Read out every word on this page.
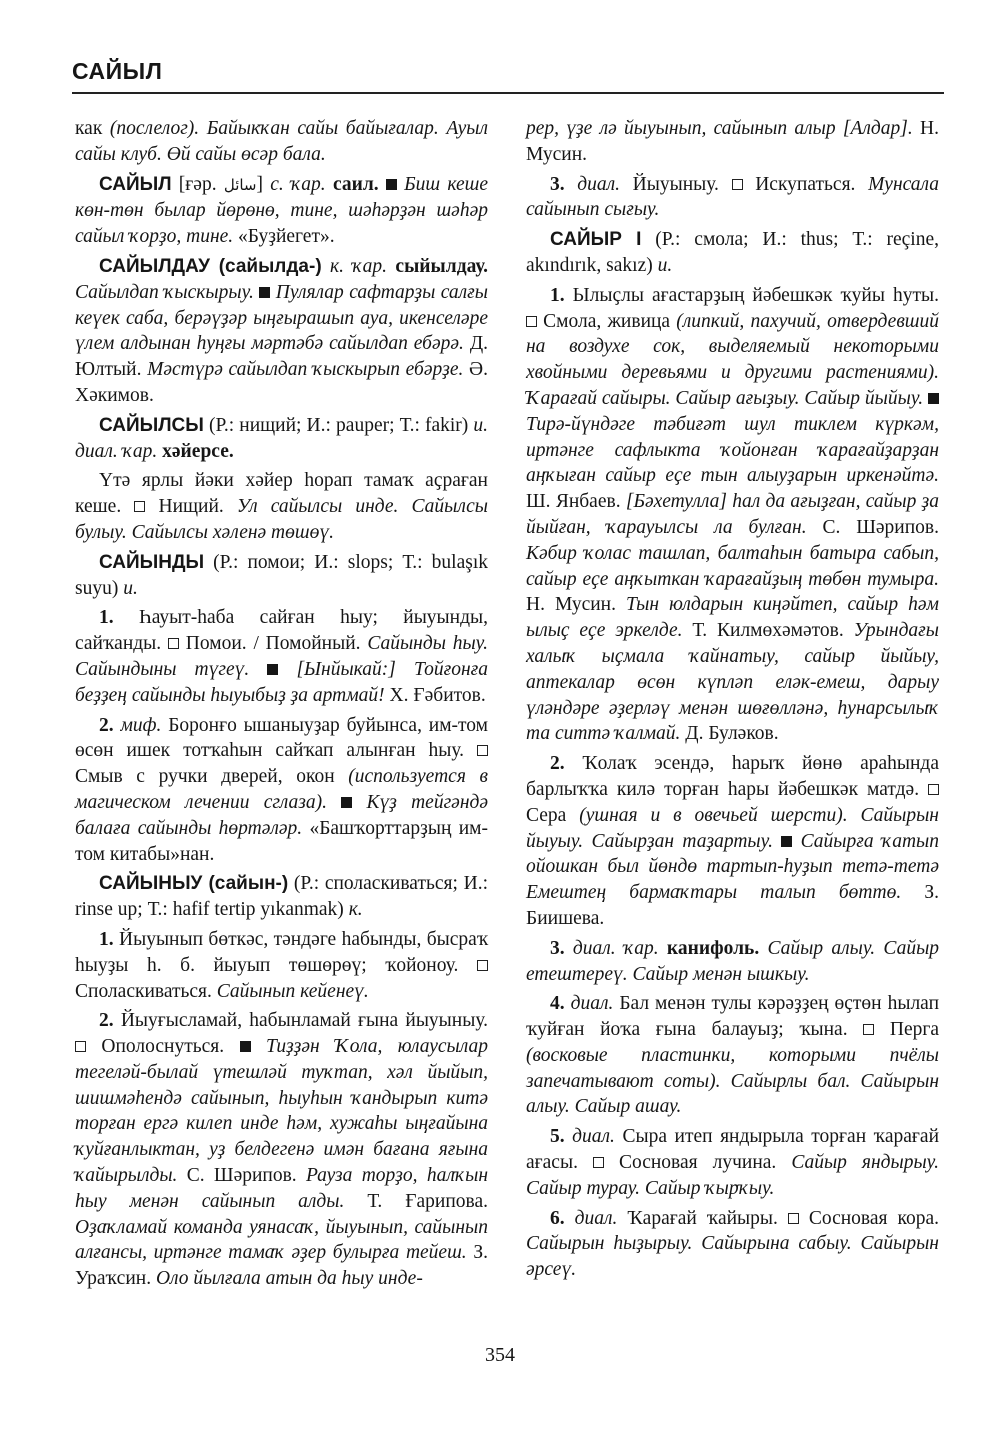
САЙЫЛ

как (послелог). Байыкҡан сайы байығалар. Ауыл сайы клуб. Өй сайы өсәр бала.

САЙЫЛ [ғәр. سائل] с. ҡар. саил. Биш кеше көн-төн былар йөрөнө, тине, шәһәрҙән шәһәр сайыл ҡорҙо, тине. «Буҙйегет».

САЙЫЛДАУ (сайылда-) к. ҡар. сыйылдау. Сайылдап ҡыскырыу. Пулялар сафтарҙы салғы кеүек саба, берәүҙәр ыңғырашып ауа, икенселәре үлем алдынан һуңғы мәртәбә сайылдап ебәрә. Д. Юлтый. Мәстүрә сайылдап ҡыскырып ебәрҙе. Ә. Хәкимов.

САЙЫЛСЫ (Р.: нищий; И.: pauper; Т.: fakir) и. диал. ҡар. хәйерсе.

Үтә ярлы йәки хәйер һорап тамаҡ аҫраған кеше.  Нищий. Ул сайылсы инде. Сайылсы булыу. Сайылсы хәленә төшөү.

САЙЫНДЫ (Р.: помои; И.: slops; Т.: bulaşık suyu) и.

1. Һауыт-һаба сайған һыу; йыуынды, сайҡанды.  Помои. / Помойный. Сайынды һыу. Сайындыны түгеү. [Ынйыкай:] Тойғонға беҙҙең сайынды һыуыбыҙ ҙа артмай! Х. Ғәбитов.

2. миф. Боронғо ышаныуҙар буйынса, им-том өсөн ишек тотҡаһын сайҡап алынған һыу.  Смыв с ручки дверей, окон (используется в магическом лечении сглаза). Күҙ тейгәндә балаға сайынды һөртәләр. «Башҡорттарҙың им-том китабы»нан.

САЙЫНЫУ (сайын-) (Р.: споласкиваться; И.: rinse up; Т.: hafif tertip yıkanmak) к.

1. Йыуынып бөткәс, тәндәге һабынды, бысраҡ һыуҙы һ. б. йыуып төшөрөү; ҡойоноу.  Споласкиваться. Сайынып кейенеү.

2. Йыуғысламай, һабынламай ғына йыуыныу.  Ополоснуться.  Тиҙҙән Ҡола, юлаусылар тегеләй-былай үтешләй туҡтап, хәл йыйып, шишмәһендә сайынып, һыуһын ҡандырып китә торған ергә килеп инде һәм, хужаһы ыңғайына ҡуйғанлыктан, уҙ белдегенә имән бағана яғына ҡайырылды. С. Шәрипов. Рауза торҙо, һалҡын һыу менән сайынып алды. Т. Ғарипова. Оҙаҡламай команда уянасаҡ, йыуынып, сайынып алғансы, иртәнге тамаҡ әҙер булырға тейеш. З. Ураҡсин. Оло йылғала атын да һыу инде-

рер, үҙе лә йыуынып, сайынып алыр [Алдар]. Н. Мусин.

3. диал. Йыуыныу.  Искупаться. Мунсала сайынып сығыу.

САЙЫР I (Р.: смола; И.: thus; Т.: reçine, akındırık, sakız) и.

1. Ылыҫлы ағастарҙың йәбешкәк ҡуйы һуты.  Смола, живица (липкий, пахучий, отвердевший на воздухе сок, выделяемый некоторыми хвойными деревьями и другими растениями). Ҡарағай сайыры. Сайыр ағыҙыу. Сайыр йыйыу.  Тирә-йүндәге тәбиғәт шул тиклем күркәм, иртәнге сафлыкта ҡойонған ҡарағайҙарҙан аңҡыған сайыр еҫе тын алыуҙарын иркенәйтә. Ш. Янбаев. [Бәхетулла] һал да ағыҙған, сайыр ҙа йыйған, ҡарауылсы ла булған. С. Шәрипов. Кәбир ҡолас ташлап, балтаһын батыра сабып, сайыр еҫе аңҡыткан ҡарағайҙың төбөн тумыра. Н. Мусин. Тын юлдарын киңәйтеп, сайыр һәм ылыҫ еҫе эркелде. Т. Килмөхәмәтов. Урындағы халыҡ ыҫмала ҡайнатыу, сайыр йыйыу, аптекалар өсөн күпләп еләк-емеш, дарыу үләндәре әҙерләү менән шөғөлләнә, һунарсылыҡ та ситтә ҡалмай. Д. Буләков.

2. Ҡолаҡ эсендә, һарыҡ йөнө араһында барлыҡҡа килә торған һары йәбешкәк матдә.  Сера (ушная и в овечьей шерсти). Сайырын йыуыу. Сайырҙан таҙартыу. Сайырға ҡатып ойошкан был йөндө тартып-һуҙып тетә-тетә Емештең бармаҡтары талып бөттө. З. Биишева.

3. диал. ҡар. канифоль. Сайыр алыу. Сайыр етештереү. Сайыр менән ышкыу.

4. диал. Бал менән тулы кәрәҙҙең өҫтөн һылап ҡуйған йоҡа ғына балауыҙ; ҡына.  Перга (восковые пластинки, которыми пчёлы запечатывают соты). Сайырлы бал. Сайырын алыу. Сайыр ашау.

5. диал. Сыра итеп яндырыла торған ҡарағай ағасы.  Сосновая лучина. Сайыр яндырыу. Сайыр турау. Сайыр ҡырҡыу.

6. диал. Ҡарағай ҡайыры.  Сосновая кора. Сайырын һыҙырыу. Сайырына сабыу. Сайырын әрсеү.

354
